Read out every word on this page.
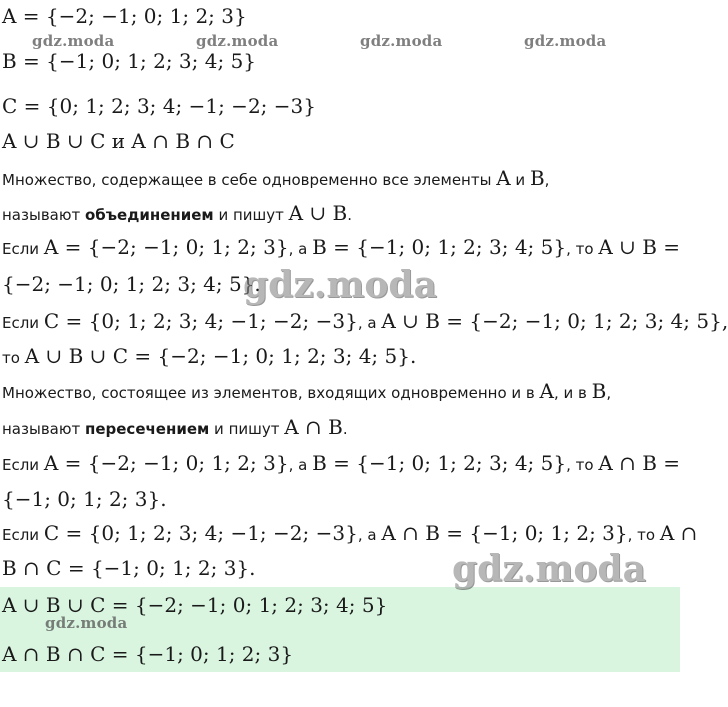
A = {−2; −1; 0; 1; 2; 3}
B = {−1; 0; 1; 2; 3; 4; 5}
C = {0; 1; 2; 3; 4; −1; −2; −3}
A ∪ B ∪ C и A ∩ B ∩ C
Множество, содержащее в себе одновременно все элементы A и B,
называют объединением и пишут A ∪ B.
Если A = {−2; −1; 0; 1; 2; 3}, а B = {−1; 0; 1; 2; 3; 4; 5}, то A ∪ B =
{−2; −1; 0; 1; 2; 3; 4; 5}.
Если C = {0; 1; 2; 3; 4; −1; −2; −3}, а A ∪ B = {−2; −1; 0; 1; 2; 3; 4; 5},
то A ∪ B ∪ C = {−2; −1; 0; 1; 2; 3; 4; 5}.
Множество, состоящее из элементов, входящих одновременно и в A, и в B,
называют пересечением и пишут A ∩ B.
Если A = {−2; −1; 0; 1; 2; 3}, а B = {−1; 0; 1; 2; 3; 4; 5}, то A ∩ B =
{−1; 0; 1; 2; 3}.
Если C = {0; 1; 2; 3; 4; −1; −2; −3}, а A ∩ B = {−1; 0; 1; 2; 3}, то A ∩
B ∩ C = {−1; 0; 1; 2; 3}.
A ∪ B ∪ C = {−2; −1; 0; 1; 2; 3; 4; 5}
A ∩ B ∩ C = {−1; 0; 1; 2; 3}
gdz.moda	gdz.moda	gdz.moda	gdz.moda
gdz.moda
gdz.moda
gdz.moda
